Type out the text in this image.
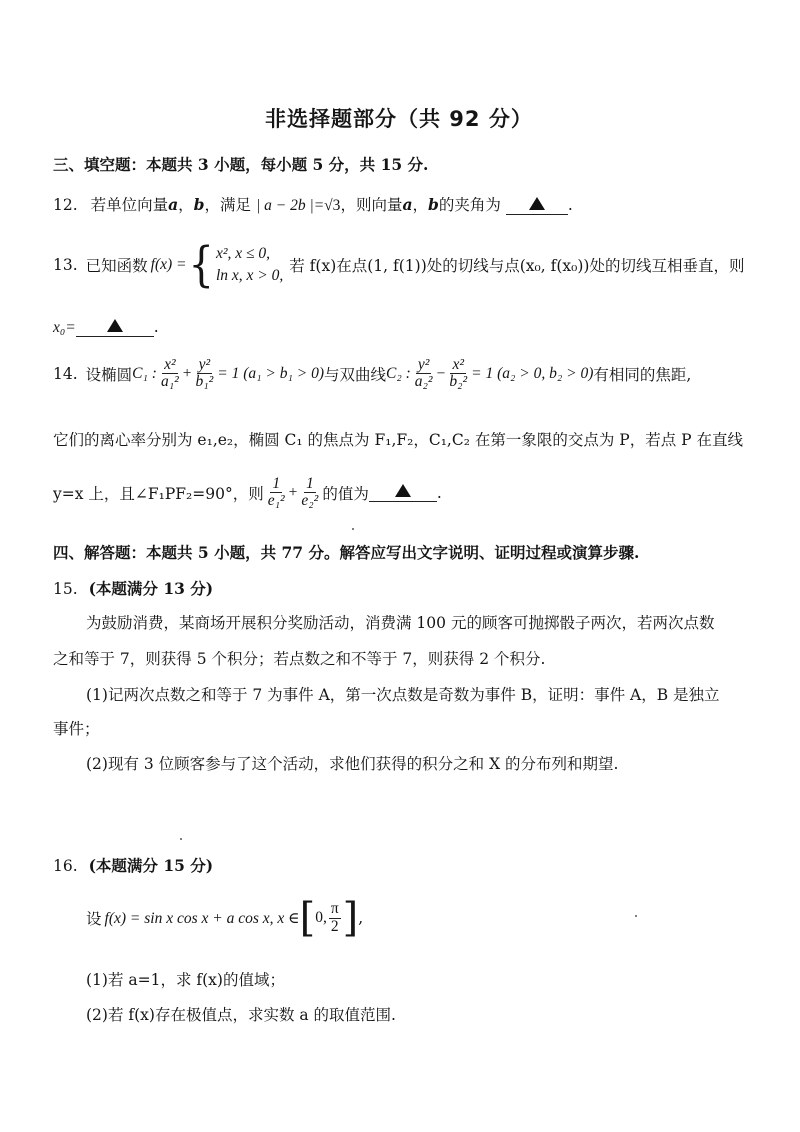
非选择题部分（共 92 分）
三、填空题：本题共 3 小题，每小题 5 分，共 15 分.
12. 若单位向量a，b，满足 | a − 2b |=√3，则向量a，b的夹角为	.
13. 已知函数 f(x) = { x², x ≤ 0,
ln x, x > 0,
若 f(x)在点(1, f(1))处的切线与点(x₀, f(x₀))处的切线互相垂直，则
x₀=	.
14. 设椭圆 C₁ : $\frac{\text{x²}}{\text{a₁²}} + \frac{\text{y²}}{\text{b₁²}} = 1$ (a₁ > b₁ > 0) 与双曲线 C₂ : $\frac{\text{y²}}{\text{a₂²}} - \frac{\text{x²}}{\text{b₂²}} = 1$ (a₂ > 0, b₂ > 0) 有相同的焦距,
它们的离心率分别为 e₁,e₂，椭圆 C₁ 的焦点为 F₁,F₂，C₁,C₂ 在第一象限的交点为 P，若点 P 在直线
y=x 上，且∠F₁PF₂=90°，则 $\frac{1}{\text{e₁²}} + \frac{1}{\text{e₂²}}$ 的值为	.
四、解答题：本题共 5 小题，共 77 分。解答应写出文字说明、证明过程或演算步骤.
15. (本题满分 13 分)
为鼓励消费，某商场开展积分奖励活动，消费满 100 元的顾客可抛掷骰子两次，若两次点数
之和等于 7，则获得 5 个积分；若点数之和不等于 7，则获得 2 个积分.
(1)记两次点数之和等于 7 为事件 A，第一次点数是奇数为事件 B，证明：事件 A，B 是独立
事件；
(2)现有 3 位顾客参与了这个活动，求他们获得的积分之和 X 的分布列和期望.
16. (本题满分 15 分)
设 f(x) = sin x cos x + a cos x, x ∈ [ 0, $\frac{\pi}{2}$ ] ,
(1)若 a=1，求 f(x)的值域；
(2)若 f(x)存在极值点，求实数 a 的取值范围.
